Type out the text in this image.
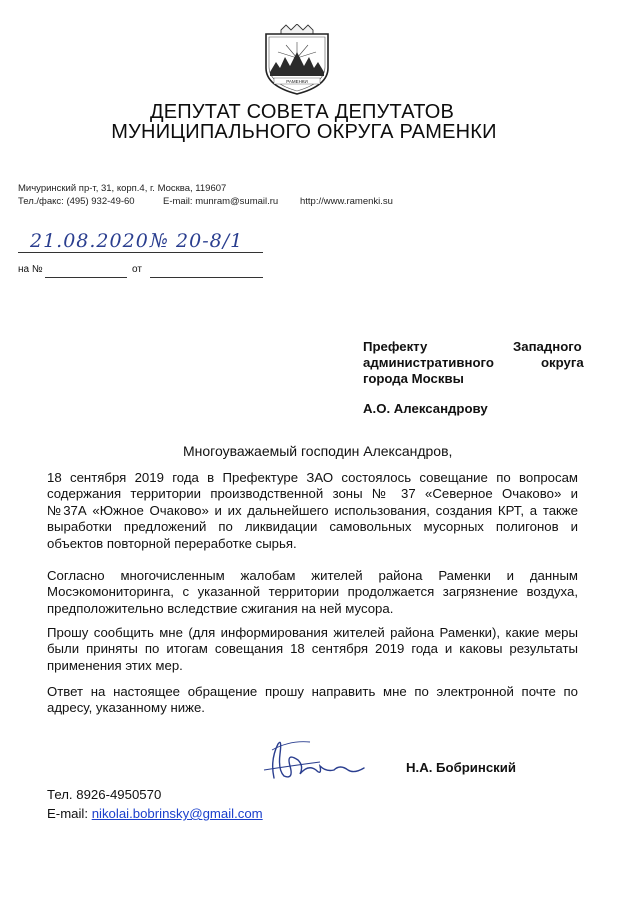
РАМЕНКИ
ДЕПУТАТ СОВЕТА ДЕПУТАТОВ
МУНИЦИПАЛЬНОГО ОКРУГА РАМЕНКИ
Мичуринский пр-т, 31, корп.4, г. Москва, 119607
Тел./факс: (495) 932-49-60	E-mail: munram@sumail.ru http://www.ramenki.su
21.08.2020 № 20-8/1
на №	от
Префекту	Западного
административного	округа
города Москвы
А.О. Александрову
Многоуважаемый господин Александров,
18 сентября 2019 года в Префектуре ЗАО состоялось совещание по вопросам
содержания территории производственной зоны № 37 «Северное Очаково» и
№37А «Южное Очаково» и их дальнейшего использования, создания КРТ, а также
выработки предложений по ликвидации самовольных мусорных полигонов и
объектов повторной переработке сырья.
Согласно многочисленным жалобам жителей района Раменки и данным
Мосэкомониторинга, с указанной территории продолжается загрязнение воздуха,
предположительно вследствие сжигания на ней мусора.
Прошу сообщить мне (для информирования жителей района Раменки), какие меры
были приняты по итогам совещания 18 сентября 2019 года и каковы результаты
применения этих мер.
Ответ на настоящее обращение прошу направить мне по электронной почте по
адресу, указанному ниже.
Н.А. Бобринский
Тел. 8926-4950570
E-mail: nikolai.bobrinsky@gmail.com
